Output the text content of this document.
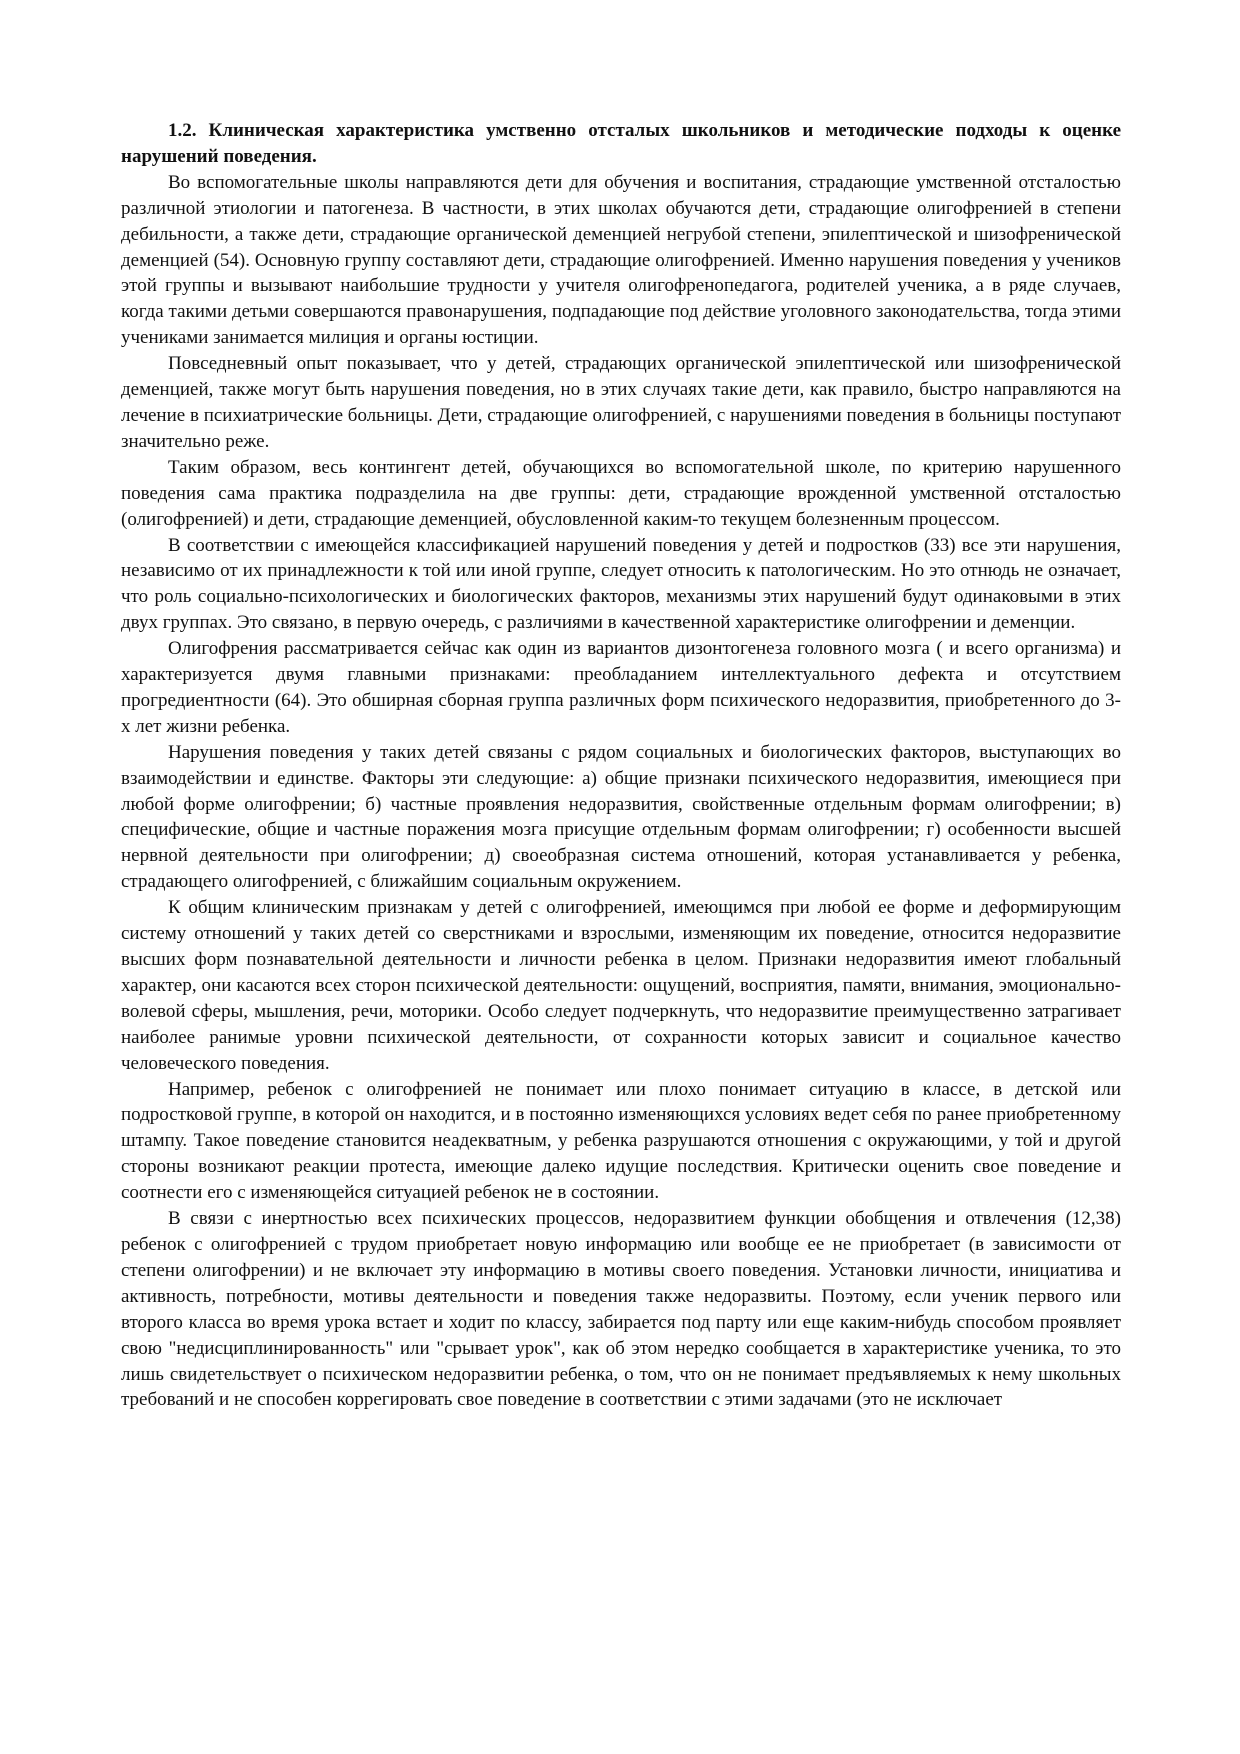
1.2. Клиническая характеристика умственно отсталых школьников и методические подходы к оценке нарушений поведения.

Во вспомогательные школы направляются дети для обучения и воспитания, страдающие умственной отсталостью различной этиологии и патогенеза. В частности, в этих школах обучаются дети, страдающие олигофренией в степени дебильности, а также дети, страдающие органической деменцией негрубой степени, эпилептической и шизофренической деменцией (54). Основную группу составляют дети, страдающие олигофренией. Именно нарушения поведения у учеников этой группы и вызывают наибольшие трудности у учителя олигофренопедагога, родителей ученика, а в ряде случаев, когда такими детьми совершаются правонарушения, подпадающие под действие уголовного законодательства, тогда этими учениками занимается милиция и органы юстиции.

Повседневный опыт показывает, что у детей, страдающих органической эпилептической или шизофренической деменцией, также могут быть нарушения поведения, но в этих случаях такие дети, как правило, быстро направляются на лечение в психиатрические больницы. Дети, страдающие олигофренией, с нарушениями поведения в больницы поступают значительно реже.

Таким образом, весь контингент детей, обучающихся во вспомогательной школе, по критерию нарушенного поведения сама практика подразделила на две группы: дети, страдающие врожденной умственной отсталостью (олигофренией) и дети, страдающие деменцией, обусловленной каким-то текущем болезненным процессом.

В соответствии с имеющейся классификацией нарушений поведения у детей и подростков (33) все эти нарушения, независимо от их принадлежности к той или иной группе, следует относить к патологическим. Но это отнюдь не означает, что роль социально-психологических и биологических факторов, механизмы этих нарушений будут одинаковыми в этих двух группах. Это связано, в первую очередь, с различиями в качественной характеристике олигофрении и деменции.

Олигофрения рассматривается сейчас как один из вариантов дизонтогенеза головного мозга ( и всего организма) и характеризуется двумя главными признаками: преобладанием интеллектуального дефекта и отсутствием прогредиентности (64). Это обширная сборная группа различных форм психического недоразвития, приобретенного до 3-х лет жизни ребенка.

Нарушения поведения у таких детей связаны с рядом социальных и биологических факторов, выступающих во взаимодействии и единстве. Факторы эти следующие: а) общие признаки психического недоразвития, имеющиеся при любой форме олигофрении; б) частные проявления недоразвития, свойственные отдельным формам олигофрении; в) специфические, общие и частные поражения мозга присущие отдельным формам олигофрении; г) особенности высшей нервной деятельности при олигофрении; д) своеобразная система отношений, которая устанавливается у ребенка, страдающего олигофренией, с ближайшим социальным окружением.

К общим клиническим признакам у детей с олигофренией, имеющимся при любой ее форме и деформирующим систему отношений у таких детей со сверстниками и взрослыми, изменяющим их поведение, относится недоразвитие высших форм познавательной деятельности и личности ребенка в целом. Признаки недоразвития имеют глобальный характер, они касаются всех сторон психической деятельности: ощущений, восприятия, памяти, внимания, эмоционально-волевой сферы, мышления, речи, моторики. Особо следует подчеркнуть, что недоразвитие преимущественно затрагивает наиболее ранимые уровни психической деятельности, от сохранности которых зависит и социальное качество человеческого поведения.

Например, ребенок с олигофренией не понимает или плохо понимает ситуацию в классе, в детской или подростковой группе, в которой он находится, и в постоянно изменяющихся условиях ведет себя по ранее приобретенному штампу. Такое поведение становится неадекватным, у ребенка разрушаются отношения с окружающими, у той и другой стороны возникают реакции протеста, имеющие далеко идущие последствия. Критически оценить свое поведение и соотнести его с изменяющейся ситуацией ребенок не в состоянии.

В связи с инертностью всех психических процессов, недоразвитием функции обобщения и отвлечения (12,38) ребенок с олигофренией с трудом приобретает новую информацию или вообще ее не приобретает (в зависимости от степени олигофрении) и не включает эту информацию в мотивы своего поведения. Установки личности, инициатива и активность, потребности, мотивы деятельности и поведения также недоразвиты. Поэтому, если ученик первого или второго класса во время урока встает и ходит по классу, забирается под парту или еще каким-нибудь способом проявляет свою "недисциплинированность" или "срывает урок", как об этом нередко сообщается в характеристике ученика, то это лишь свидетельствует о психическом недоразвитии ребенка, о том, что он не понимает предъявляемых к нему школьных требований и не способен коррегировать свое поведение в соответствии с этими задачами (это не исключает
